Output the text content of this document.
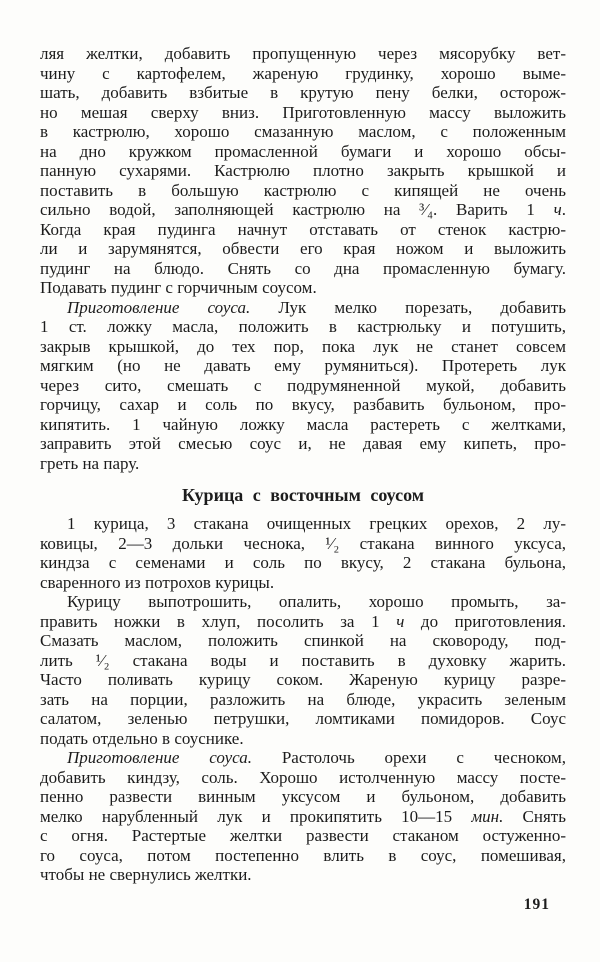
ляя желтки, добавить пропущенную через мясорубку вет-
чину с картофелем, жареную грудинку, хорошо выме-
шать, добавить взбитые в крутую пену белки, осторож-
но мешая сверху вниз. Приготовленную массу выложить
в кастрюлю, хорошо смазанную маслом, с положенным
на дно кружком промасленной бумаги и хорошо обсы-
панную сухарями. Кастрюлю плотно закрыть крышкой и
поставить в большую кастрюлю с кипящей не очень
сильно водой, заполняющей кастрюлю на ³⁄₄. Варить 1 ч.
Когда края пудинга начнут отставать от стенок кастрю-
ли и зарумянятся, обвести его края ножом и выложить
пудинг на блюдо. Снять со дна промасленную бумагу.
Подавать пудинг с горчичным соусом.
Приготовление соуса. Лук мелко порезать, добавить
1 ст. ложку масла, положить в кастрюльку и потушить,
закрыв крышкой, до тех пор, пока лук не станет совсем
мягким (но не давать ему румяниться). Протереть лук
через сито, смешать с подрумяненной мукой, добавить
горчицу, сахар и соль по вкусу, разбавить бульоном, про-
кипятить. 1 чайную ложку масла растереть с желтками,
заправить этой смесью соус и, не давая ему кипеть, про-
греть на пару.
Курица с восточным соусом
1 курица, 3 стакана очищенных грецких орехов, 2 лу-
ковицы, 2—3 дольки чеснока, ¹⁄₂ стакана винного уксуса,
киндза с семенами и соль по вкусу, 2 стакана бульона,
сваренного из потрохов курицы.
Курицу выпотрошить, опалить, хорошо промыть, за-
править ножки в хлуп, посолить за 1 ч до приготовления.
Смазать маслом, положить спинкой на сковороду, под-
лить ¹⁄₂ стакана воды и поставить в духовку жарить.
Часто поливать курицу соком. Жареную курицу разре-
зать на порции, разложить на блюде, украсить зеленым
салатом, зеленью петрушки, ломтиками помидоров. Соус
подать отдельно в соуснике.
Приготовление соуса. Растолочь орехи с чесноком,
добавить киндзу, соль. Хорошо истолченную массу посте-
пенно развести винным уксусом и бульоном, добавить
мелко нарубленный лук и прокипятить 10—15 мин. Снять
с огня. Растертые желтки развести стаканом остуженно-
го соуса, потом постепенно влить в соус, помешивая,
чтобы не свернулись желтки.
191
